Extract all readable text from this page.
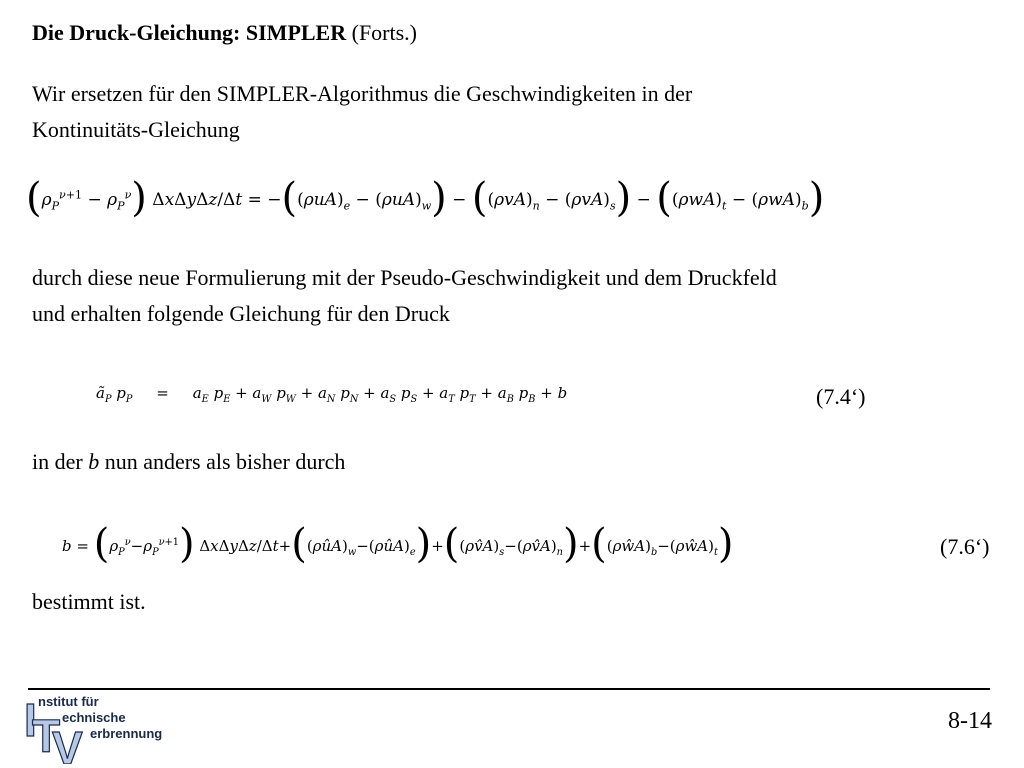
Die Druck-Gleichung: SIMPLER (Forts.)
Wir ersetzen für den SIMPLER-Algorithmus die Geschwindigkeiten in der
Kontinuitäts-Gleichung
$(\rho_P^{\nu+1} - \rho_P^\nu) \Delta x\Delta y\Delta z/\Delta t = -((\rho uA)_e - (\rho uA)_w) - ((\rho vA)_n - (\rho vA)_s) - ((\rho wA)_t - (\rho wA)_b)$
durch diese neue Formulierung mit der Pseudo-Geschwindigkeit und dem Druckfeld
und erhalten folgende Gleichung für den Druck
$ã_P$ $p_P$     =     $a_E$ $p_E + a_W$ $p_W + a_N$ $p_N + a_S$ $p_S + a_T$ $p_T + a_B$ $p_B + b$	(7.4‘)
in der b nun anders als bisher durch
$b = (\rho_P^\nu-\rho_P^{\nu+1})$ ΔxΔyΔz/$\Delta t+((\rho ûA)_w-(\rho ûA)_e)+((\rho v̂A)_s-(\rho v̂A)_n)+((\rho ŵA)_b-(\rho ŵA)_t)$	(7.6‘)
bestimmt ist.
I
T
V
nstitut für
echnische
erbrennung	8-14
